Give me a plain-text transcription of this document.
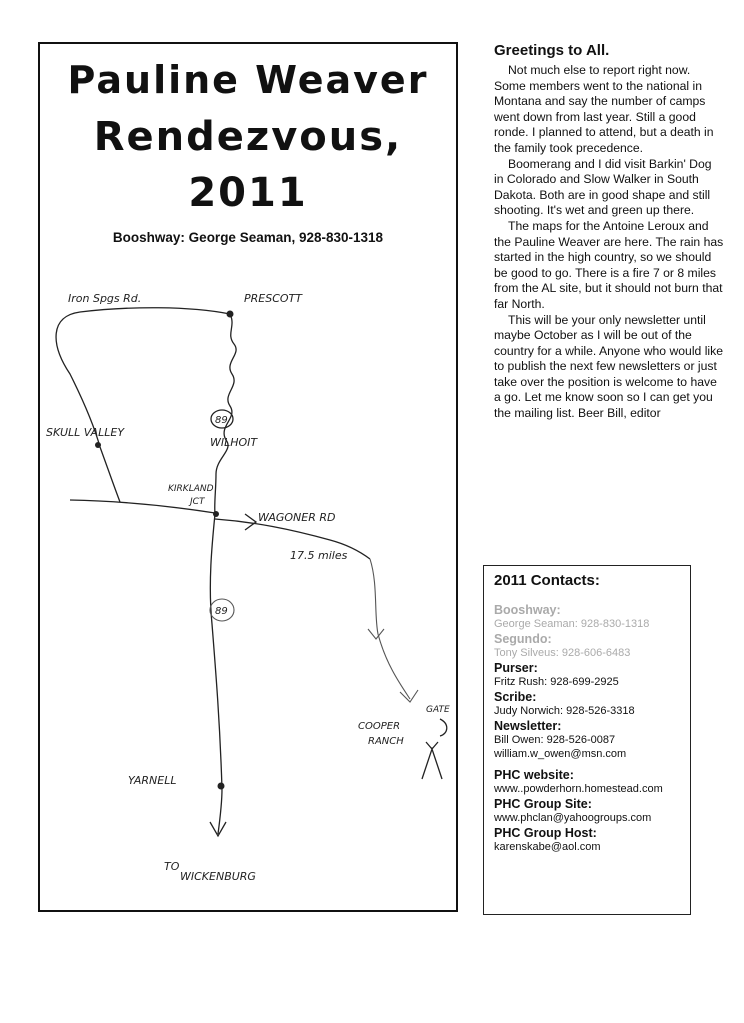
Pauline Weaver
Rendezvous,
2011
Booshway: George Seaman, 928-830-1318
Iron Spgs Rd.	PRESCOTT
SKULL VALLEY
89
WILHOIT
KIRKLAND
JCT
WAGONER RD
17.5 miles
89
GATE
COOPER
RANCH
YARNELL
TO
WICKENBURG
Greetings to All.

Not much else to report right now. Some members went to the national in Montana and say the number of camps went down from last year. Still a good ronde. I planned to attend, but a death in the family took precedence.

Boomerang and I did visit Barkin' Dog in Colorado and Slow Walker in South Dakota. Both are in good shape and still shooting. It's wet and green up there.

The maps for the Antoine Leroux and the Pauline Weaver are here. The rain has started in the high country, so we should be good to go. There is a fire 7 or 8 miles from the AL site, but it should not burn that far North.

This will be your only newsletter until maybe October as I will be out of the country for a while. Anyone who would like to publish the next few newsletters or just take over the position is welcome to have a go. Let me know soon so I can get you the mailing list. Beer Bill, editor

2011 Contacts:
Booshway:
George Seaman: 928-830-1318
Segundo:
Tony Silveus: 928-606-6483
Purser:
Fritz Rush: 928-699-2925
Scribe:
Judy Norwich: 928-526-3318
Newsletter:
Bill Owen: 928-526-0087
william.w_owen@msn.com
PHC website:
www..powderhorn.homestead.com
PHC Group Site:
www.phclan@yahoogroups.com
PHC Group Host:
karenskabe@aol.com
